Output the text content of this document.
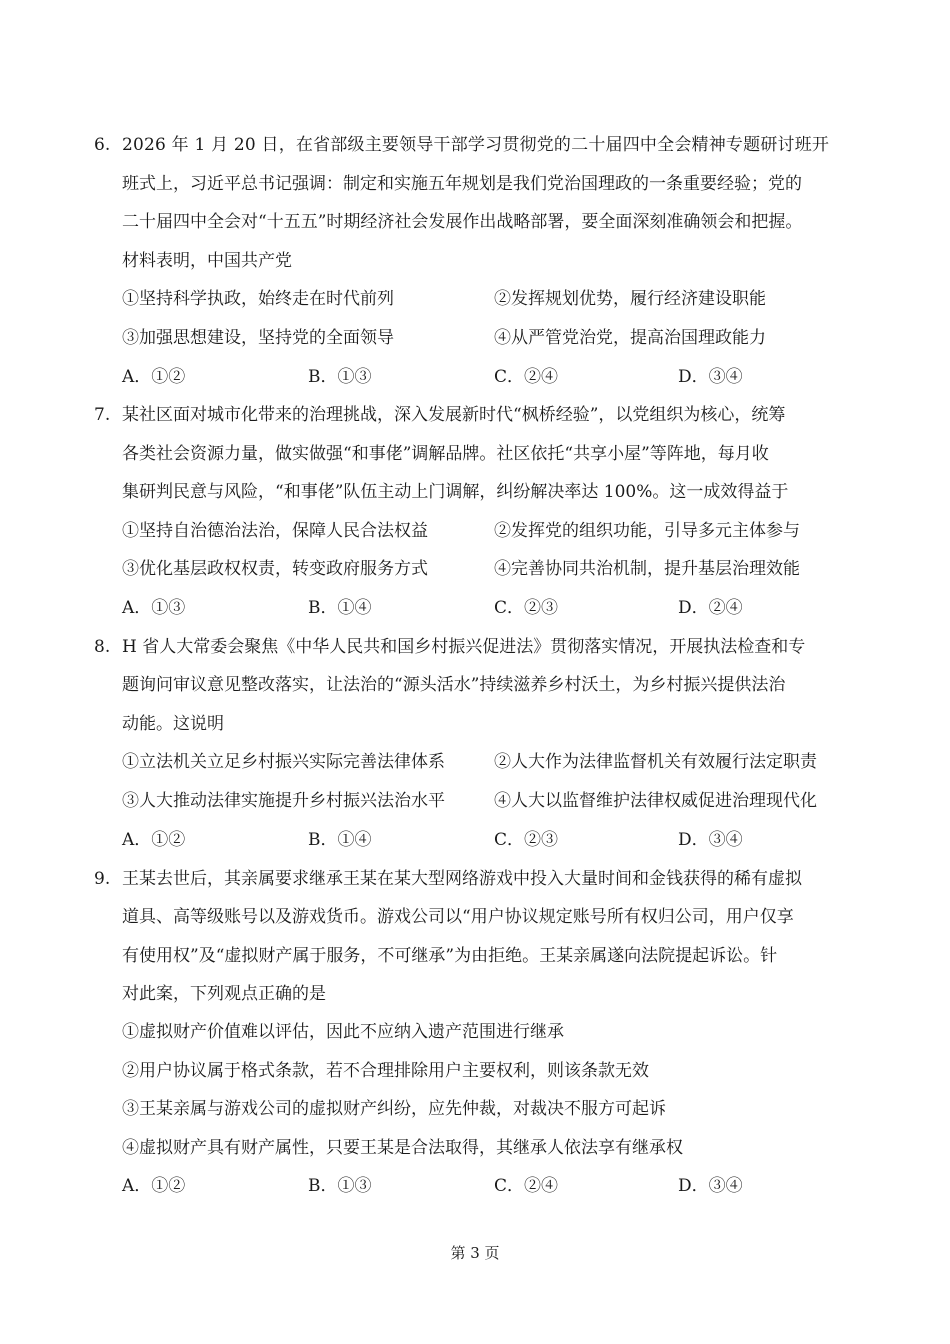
6. 2026 年 1 月 20 日，在省部级主要领导干部学习贯彻党的二十届四中全会精神专题研讨班开
班式上，习近平总书记强调：制定和实施五年规划是我们党治国理政的一条重要经验；党的
二十届四中全会对“十五五”时期经济社会发展作出战略部署，要全面深刻准确领会和把握。
材料表明，中国共产党
①坚持科学执政，始终走在时代前列	②发挥规划优势，履行经济建设职能
③加强思想建设，坚持党的全面领导	④从严管党治党，提高治国理政能力
A．①②	B．①③	C．②④	D．③④
7. 某社区面对城市化带来的治理挑战，深入发展新时代“枫桥经验”，以党组织为核心，统筹
各类社会资源力量，做实做强“和事佬”调解品牌。社区依托“共享小屋”等阵地，每月收
集研判民意与风险，“和事佬”队伍主动上门调解，纠纷解决率达 100%。这一成效得益于
①坚持自治德治法治，保障人民合法权益	②发挥党的组织功能，引导多元主体参与
③优化基层政权权责，转变政府服务方式	④完善协同共治机制，提升基层治理效能
A．①③	B．①④	C．②③	D．②④
8. H 省人大常委会聚焦《中华人民共和国乡村振兴促进法》贯彻落实情况，开展执法检查和专
题询问审议意见整改落实，让法治的“源头活水”持续滋养乡村沃土，为乡村振兴提供法治
动能。这说明
①立法机关立足乡村振兴实际完善法律体系	②人大作为法律监督机关有效履行法定职责
③人大推动法律实施提升乡村振兴法治水平	④人大以监督维护法律权威促进治理现代化
A．①②	B．①④	C．②③	D．③④
9. 王某去世后，其亲属要求继承王某在某大型网络游戏中投入大量时间和金钱获得的稀有虚拟
道具、高等级账号以及游戏货币。游戏公司以“用户协议规定账号所有权归公司，用户仅享
有使用权”及“虚拟财产属于服务，不可继承”为由拒绝。王某亲属遂向法院提起诉讼。针
对此案，下列观点正确的是
①虚拟财产价值难以评估，因此不应纳入遗产范围进行继承
②用户协议属于格式条款，若不合理排除用户主要权利，则该条款无效
③王某亲属与游戏公司的虚拟财产纠纷，应先仲裁，对裁决不服方可起诉
④虚拟财产具有财产属性，只要王某是合法取得，其继承人依法享有继承权
A．①②	B．①③	C．②④	D．③④
第 3 页
